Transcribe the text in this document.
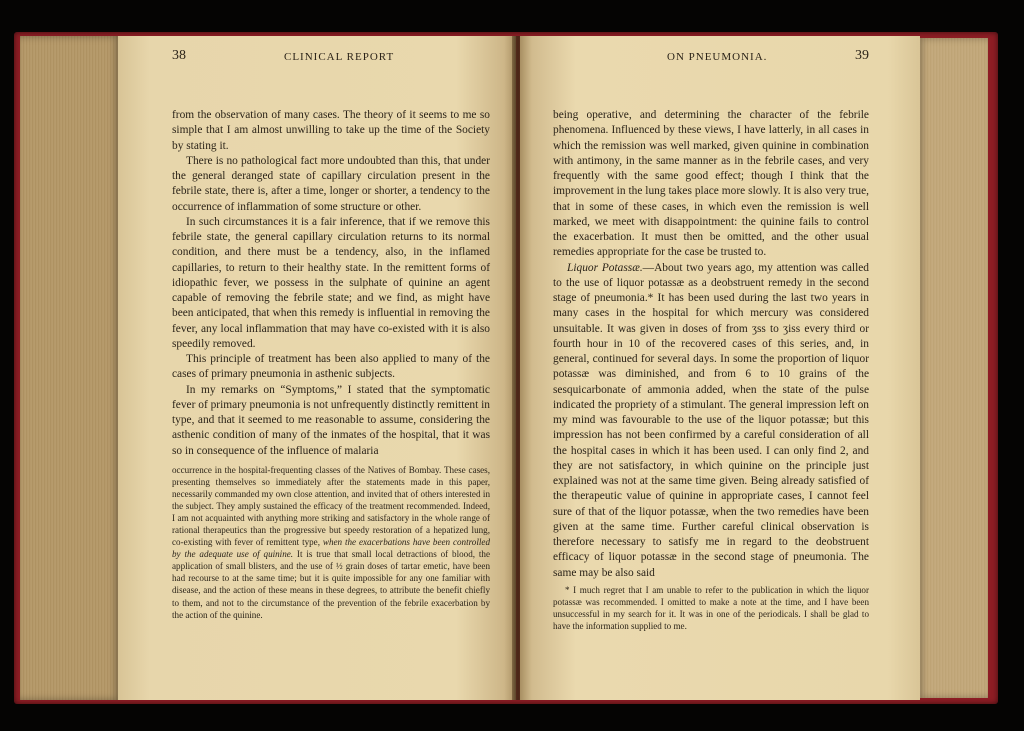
38	CLINICAL REPORT

from the observation of many cases. The theory of it seems to me so simple that I am almost unwilling to take up the time of the Society by stating it.

There is no pathological fact more undoubted than this, that under the general deranged state of capillary circulation present in the febrile state, there is, after a time, longer or shorter, a tendency to the occurrence of inflammation of some structure or other.

In such circumstances it is a fair inference, that if we remove this febrile state, the general capillary circulation returns to its normal condition, and there must be a tendency, also, in the inflamed capillaries, to return to their healthy state. In the remittent forms of idiopathic fever, we possess in the sulphate of quinine an agent capable of removing the febrile state; and we find, as might have been anticipated, that when this remedy is influential in removing the fever, any local inflammation that may have co-existed with it is also speedily removed.

This principle of treatment has been also applied to many of the cases of primary pneumonia in asthenic subjects.

In my remarks on “Symptoms,” I stated that the symptomatic fever of primary pneumonia is not unfrequently distinctly remittent in type, and that it seemed to me reasonable to assume, considering the asthenic condition of many of the inmates of the hospital, that it was so in consequence of the influence of malaria

occurrence in the hospital-frequenting classes of the Natives of Bombay. These cases, presenting themselves so immediately after the statements made in this paper, necessarily commanded my own close attention, and invited that of others interested in the subject. They amply sustained the efficacy of the treatment recommended. Indeed, I am not acquainted with anything more striking and satisfactory in the whole range of rational therapeutics than the progressive but speedy restoration of a hepatized lung, co-existing with fever of remittent type, when the exacerbations have been controlled by the adequate use of quinine. It is true that small local detractions of blood, the application of small blisters, and the use of ½ grain doses of tartar emetic, have been had recourse to at the same time; but it is quite impossible for any one familiar with disease, and the action of these means in these degrees, to attribute the benefit chiefly to them, and not to the circumstance of the prevention of the febrile exacerbation by the action of the quinine.

ON PNEUMONIA.	39

being operative, and determining the character of the febrile phenomena. Influenced by these views, I have latterly, in all cases in which the remission was well marked, given quinine in combination with antimony, in the same manner as in the febrile cases, and very frequently with the same good effect; though I think that the improvement in the lung takes place more slowly. It is also very true, that in some of these cases, in which even the remission is well marked, we meet with disappointment: the quinine fails to control the exacerbation. It must then be omitted, and the other usual remedies appropriate for the case be trusted to.

Liquor Potassæ.—About two years ago, my attention was called to the use of liquor potassæ as a deobstruent remedy in the second stage of pneumonia.* It has been used during the last two years in many cases in the hospital for which mercury was considered unsuitable. It was given in doses of from ʒss to ʒiss every third or fourth hour in 10 of the recovered cases of this series, and, in general, continued for several days. In some the proportion of liquor potassæ was diminished, and from 6 to 10 grains of the sesquicarbonate of ammonia added, when the state of the pulse indicated the propriety of a stimulant. The general impression left on my mind was favourable to the use of the liquor potassæ; but this impression has not been confirmed by a careful consideration of all the hospital cases in which it has been used. I can only find 2, and they are not satisfactory, in which quinine on the principle just explained was not at the same time given. Being already satisfied of the therapeutic value of quinine in appropriate cases, I cannot feel sure of that of the liquor potassæ, when the two remedies have been given at the same time. Further careful clinical observation is therefore necessary to satisfy me in regard to the deobstruent efficacy of liquor potassæ in the second stage of pneumonia. The same may be also said

* I much regret that I am unable to refer to the publication in which the liquor potassæ was recommended. I omitted to make a note at the time, and I have been unsuccessful in my search for it. It was in one of the periodicals. I shall be glad to have the information supplied to me.
